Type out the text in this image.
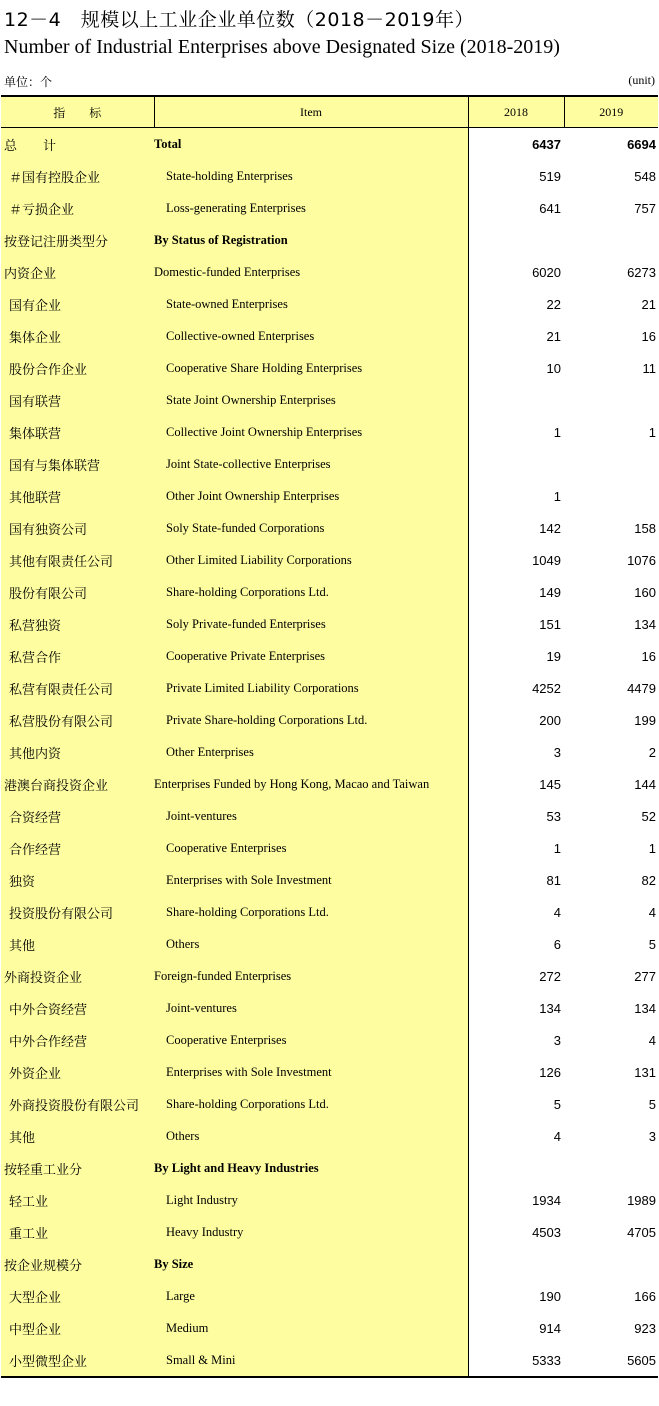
12－4　规模以上工业企业单位数（2018－2019年）
Number of Industrial Enterprises above Designated Size (2018-2019)
单位：个	(unit)
指　　标	Item	2018	2019
总　　计	Total	6437	6694
＃国有控股企业	State-holding Enterprises	519	548
＃亏损企业	Loss-generating Enterprises	641	757
按登记注册类型分	By Status of Registration		
内资企业	Domestic-funded Enterprises	6020	6273
国有企业	State-owned Enterprises	22	21
集体企业	Collective-owned Enterprises	21	16
股份合作企业	Cooperative Share Holding Enterprises	10	11
国有联营	State Joint Ownership Enterprises		
集体联营	Collective Joint Ownership Enterprises	1	1
国有与集体联营	Joint State-collective Enterprises		
其他联营	Other Joint Ownership Enterprises	1	
国有独资公司	Soly State-funded Corporations	142	158
其他有限责任公司	Other Limited Liability Corporations	1049	1076
股份有限公司	Share-holding Corporations Ltd.	149	160
私营独资	Soly Private-funded Enterprises	151	134
私营合作	Cooperative Private Enterprises	19	16
私营有限责任公司	Private Limited Liability Corporations	4252	4479
私营股份有限公司	Private Share-holding Corporations Ltd.	200	199
其他内资	Other Enterprises	3	2
港澳台商投资企业	Enterprises Funded by Hong Kong, Macao and Taiwan	145	144
合资经营	Joint-ventures	53	52
合作经营	Cooperative Enterprises	1	1
独资	Enterprises with Sole Investment	81	82
投资股份有限公司	Share-holding Corporations Ltd.	4	4
其他	Others	6	5
外商投资企业	Foreign-funded Enterprises	272	277
中外合资经营	Joint-ventures	134	134
中外合作经营	Cooperative Enterprises	3	4
外资企业	Enterprises with Sole Investment	126	131
外商投资股份有限公司	Share-holding Corporations Ltd.	5	5
其他	Others	4	3
按轻重工业分	By Light and Heavy Industries		
轻工业	Light Industry	1934	1989
重工业	Heavy Industry	4503	4705
按企业规模分	By Size		
大型企业	Large	190	166
中型企业	Medium	914	923
小型微型企业	Small & Mini	5333	5605
